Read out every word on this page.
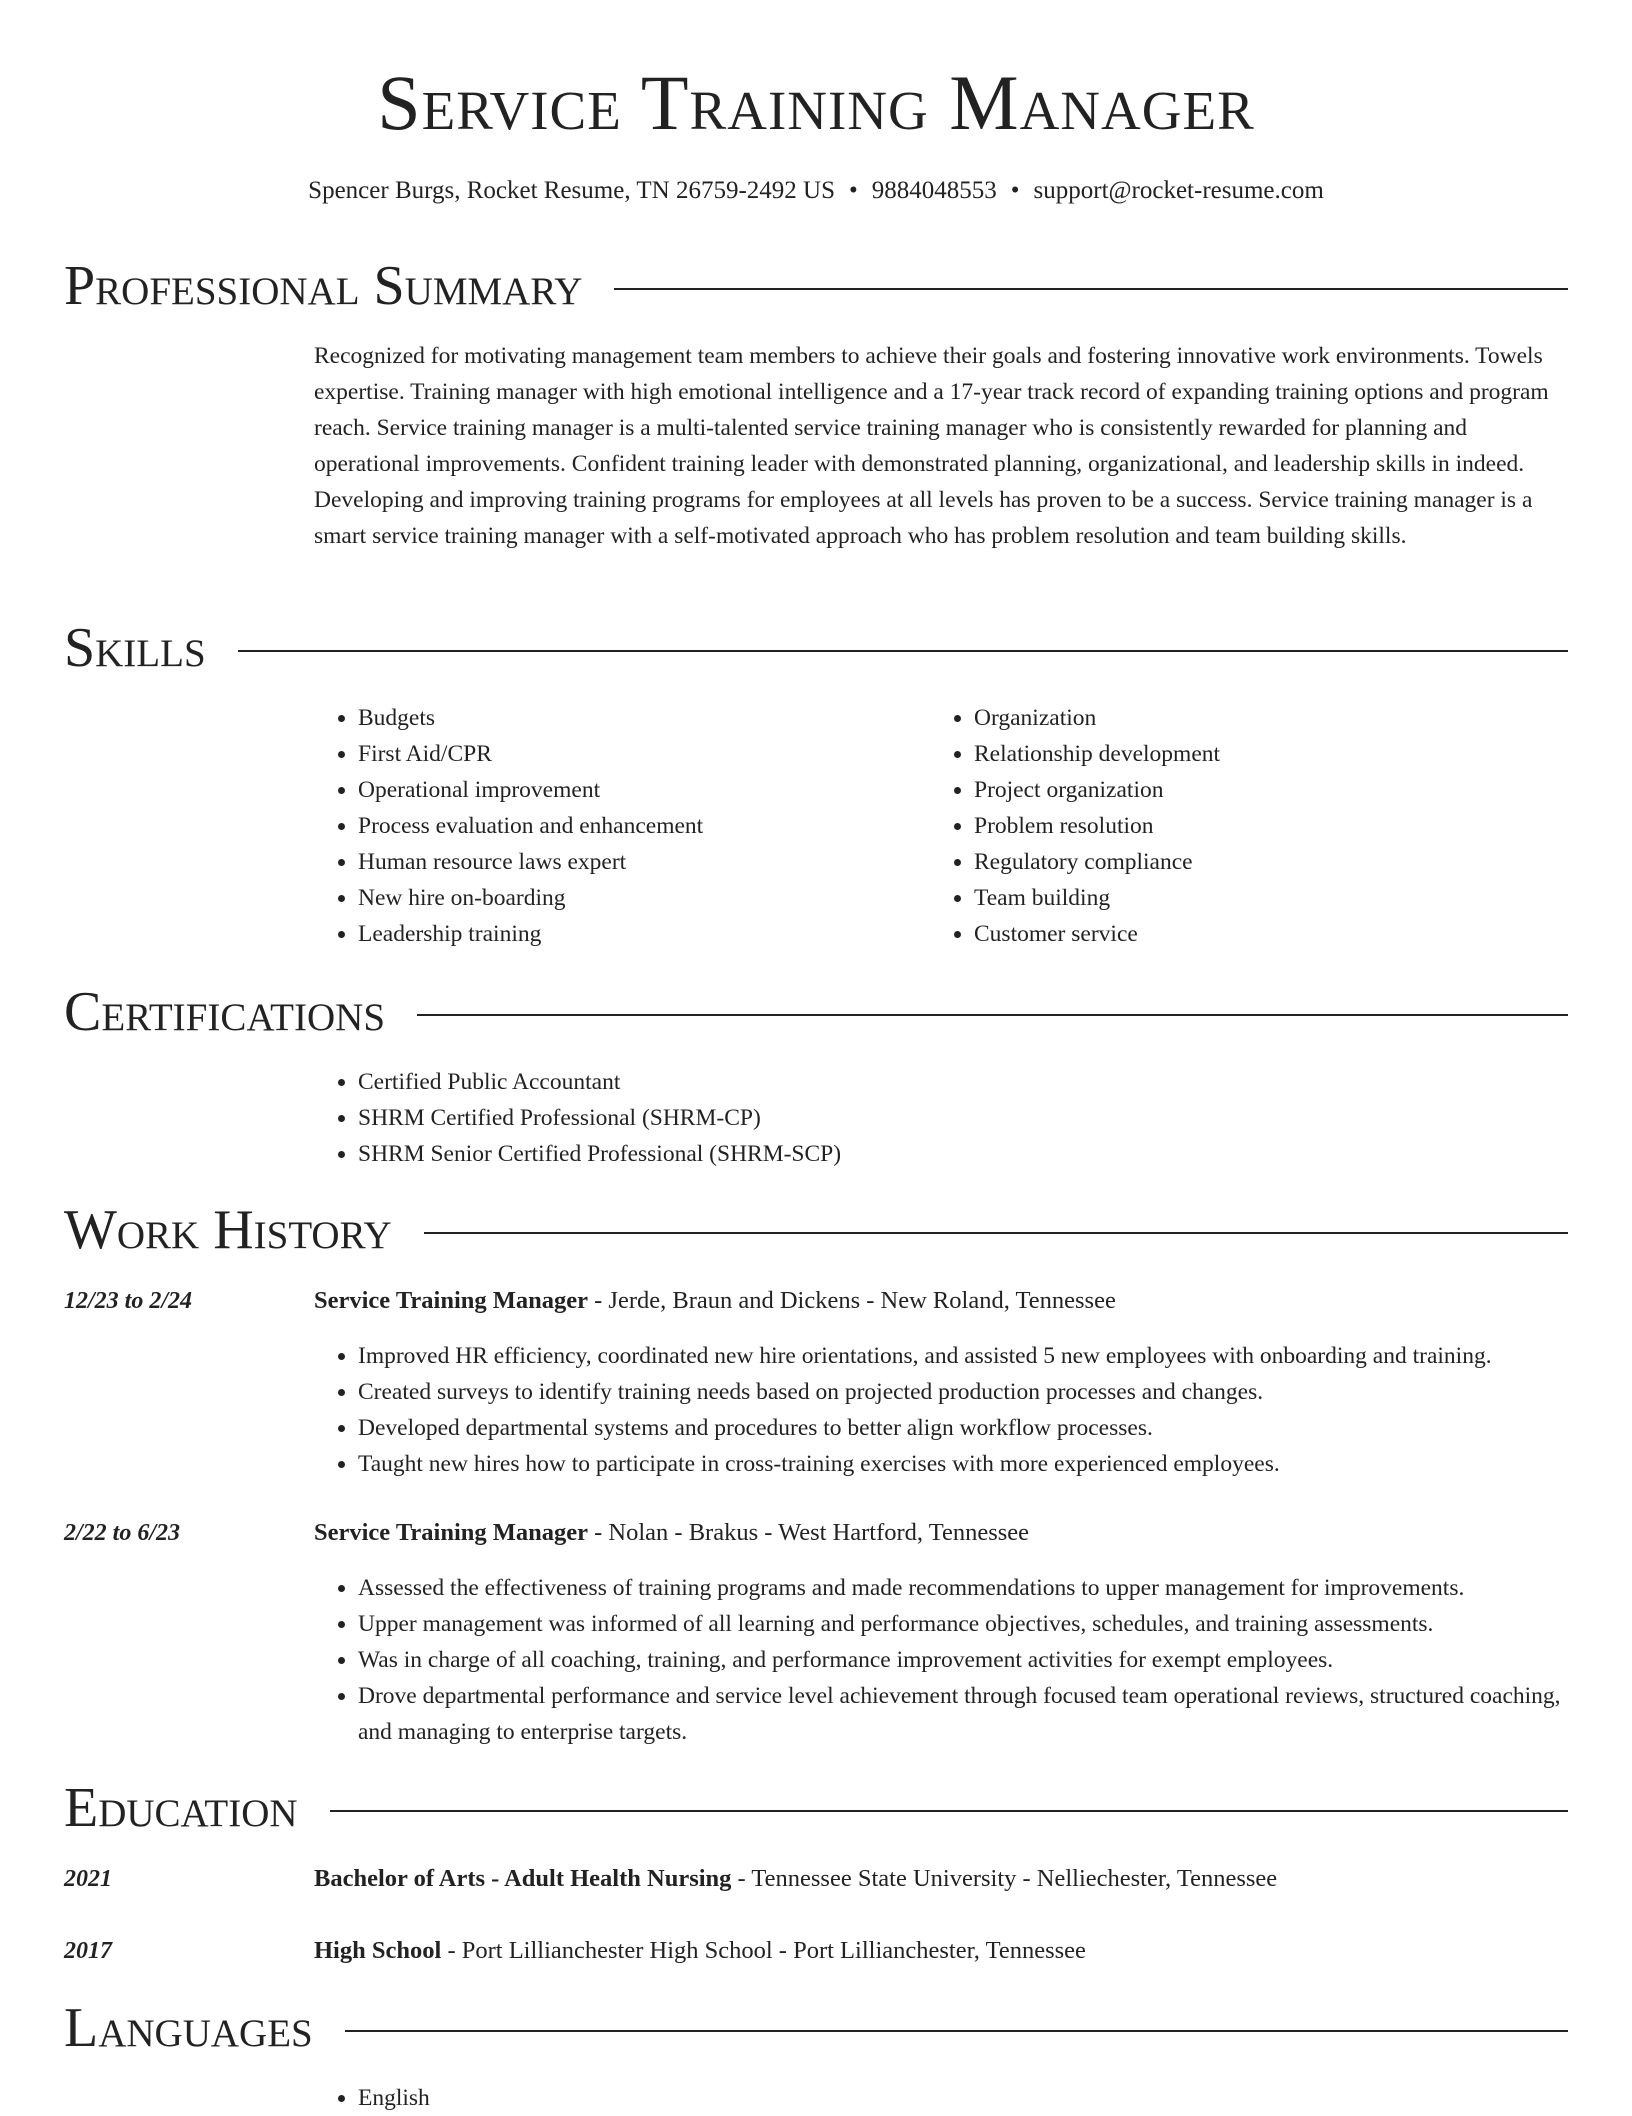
Service Training Manager
Spencer Burgs, Rocket Resume, TN 26759-2492 US • 9884048553 • support@rocket-resume.com
Professional Summary

Recognized for motivating management team members to achieve their goals and fostering innovative work environments. Towels expertise. Training manager with high emotional intelligence and a 17-year track record of expanding training options and program reach. Service training manager is a multi-talented service training manager who is consistently rewarded for planning and operational improvements. Confident training leader with demonstrated planning, organizational, and leadership skills in indeed. Developing and improving training programs for employees at all levels has proven to be a success. Service training manager is a smart service training manager with a self-motivated approach who has problem resolution and team building skills.

Skills
• Budgets
• First Aid/CPR
• Operational improvement
• Process evaluation and enhancement
• Human resource laws expert
• New hire on-boarding
• Leadership training
• Organization
• Relationship development
• Project organization
• Problem resolution
• Regulatory compliance
• Team building
• Customer service
Certifications
• Certified Public Accountant
• SHRM Certified Professional (SHRM-CP)
• SHRM Senior Certified Professional (SHRM-SCP)
Work History
12/23 to 2/24	Service Training Manager - Jerde, Braun and Dickens - New Roland, Tennessee
• Improved HR efficiency, coordinated new hire orientations, and assisted 5 new employees with onboarding and training.
• Created surveys to identify training needs based on projected production processes and changes.
• Developed departmental systems and procedures to better align workflow processes.
• Taught new hires how to participate in cross-training exercises with more experienced employees.
2/22 to 6/23	Service Training Manager - Nolan - Brakus - West Hartford, Tennessee
• Assessed the effectiveness of training programs and made recommendations to upper management for improvements.
• Upper management was informed of all learning and performance objectives, schedules, and training assessments.
• Was in charge of all coaching, training, and performance improvement activities for exempt employees.
• Drove departmental performance and service level achievement through focused team operational reviews, structured coaching, and managing to enterprise targets.
Education
2021	Bachelor of Arts - Adult Health Nursing - Tennessee State University - Nelliechester, Tennessee
2017	High School - Port Lillianchester High School - Port Lillianchester, Tennessee
Languages
• English
